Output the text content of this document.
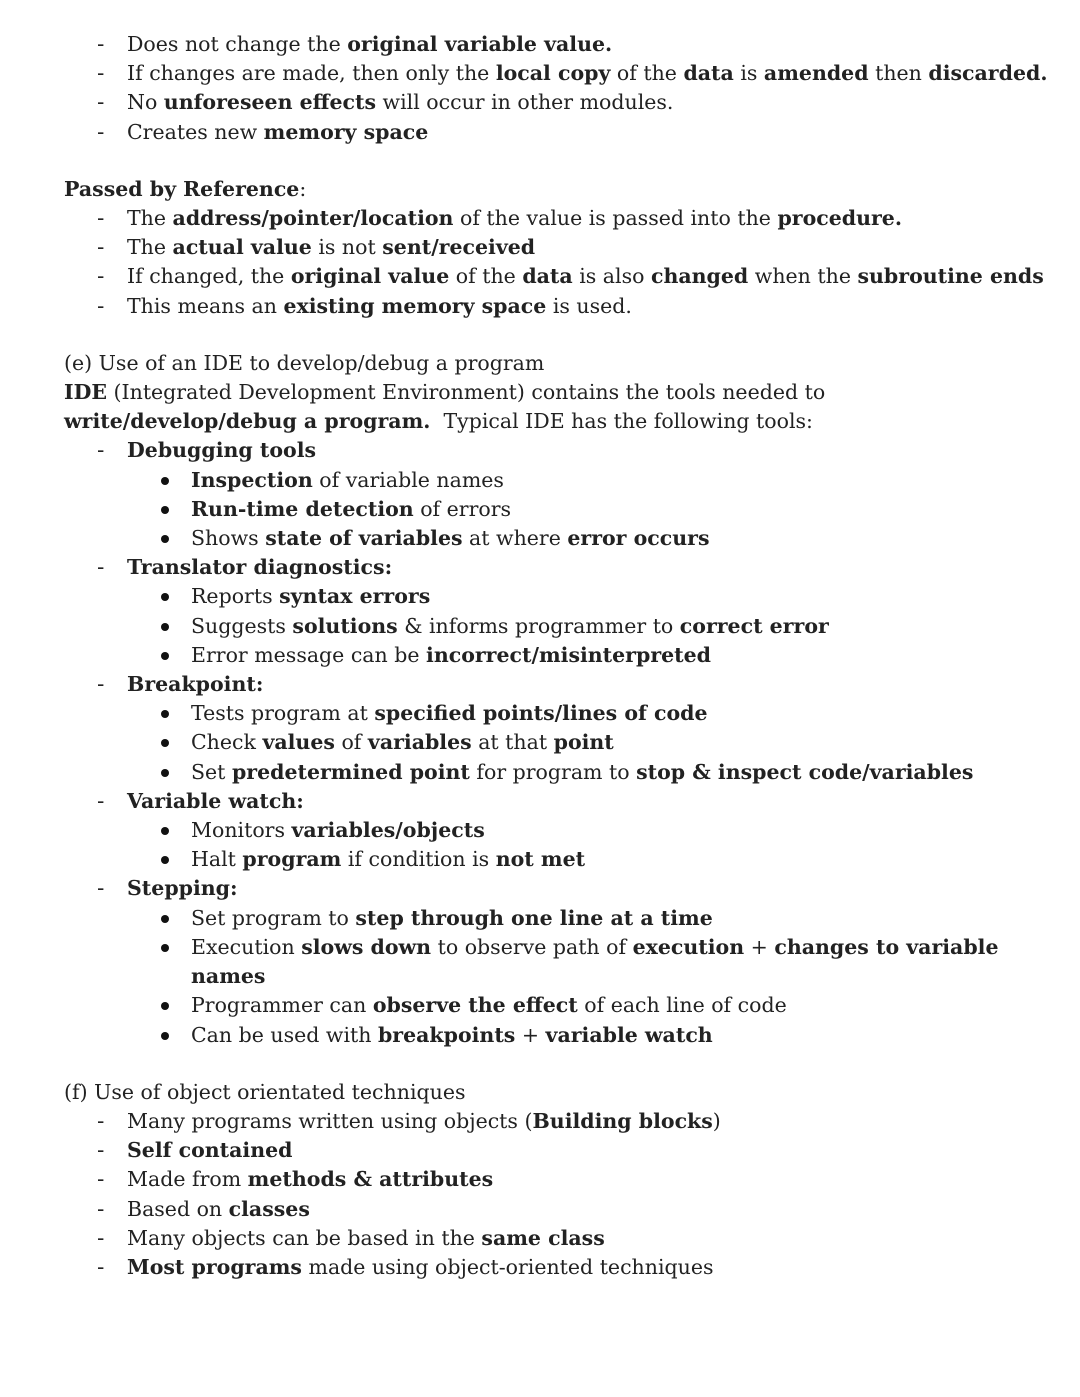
- Does not change the original variable value.
- If changes are made, then only the local copy of the data is amended then discarded.
- No unforeseen effects will occur in other modules.
- Creates new memory space

Passed by Reference:

- The address/pointer/location of the value is passed into the procedure.
- The actual value is not sent/received
- If changed, the original value of the data is also changed when the subroutine ends
- This means an existing memory space is used.

(e) Use of an IDE to develop/debug a program

IDE (Integrated Development Environment) contains the tools needed to write/develop/debug a program.  Typical IDE has the following tools:

- Debugging tools
Inspection of variable names
Run-time detection of errors
Shows state of variables at where error occurs
- Translator diagnostics:
Reports syntax errors
Suggests solutions & informs programmer to correct error
Error message can be incorrect/misinterpreted
- Breakpoint:
Tests program at specified points/lines of code
Check values of variables at that point
Set predetermined point for program to stop & inspect code/variables
- Variable watch:
Monitors variables/objects
Halt program if condition is not met
- Stepping:
Set program to step through one line at a time
Execution slows down to observe path of execution + changes to variable names
Programmer can observe the effect of each line of code
Can be used with breakpoints + variable watch

(f) Use of object orientated techniques

- Many programs written using objects (Building blocks)
- Self contained
- Made from methods & attributes
- Based on classes
- Many objects can be based in the same class
- Most programs made using object-oriented techniques
